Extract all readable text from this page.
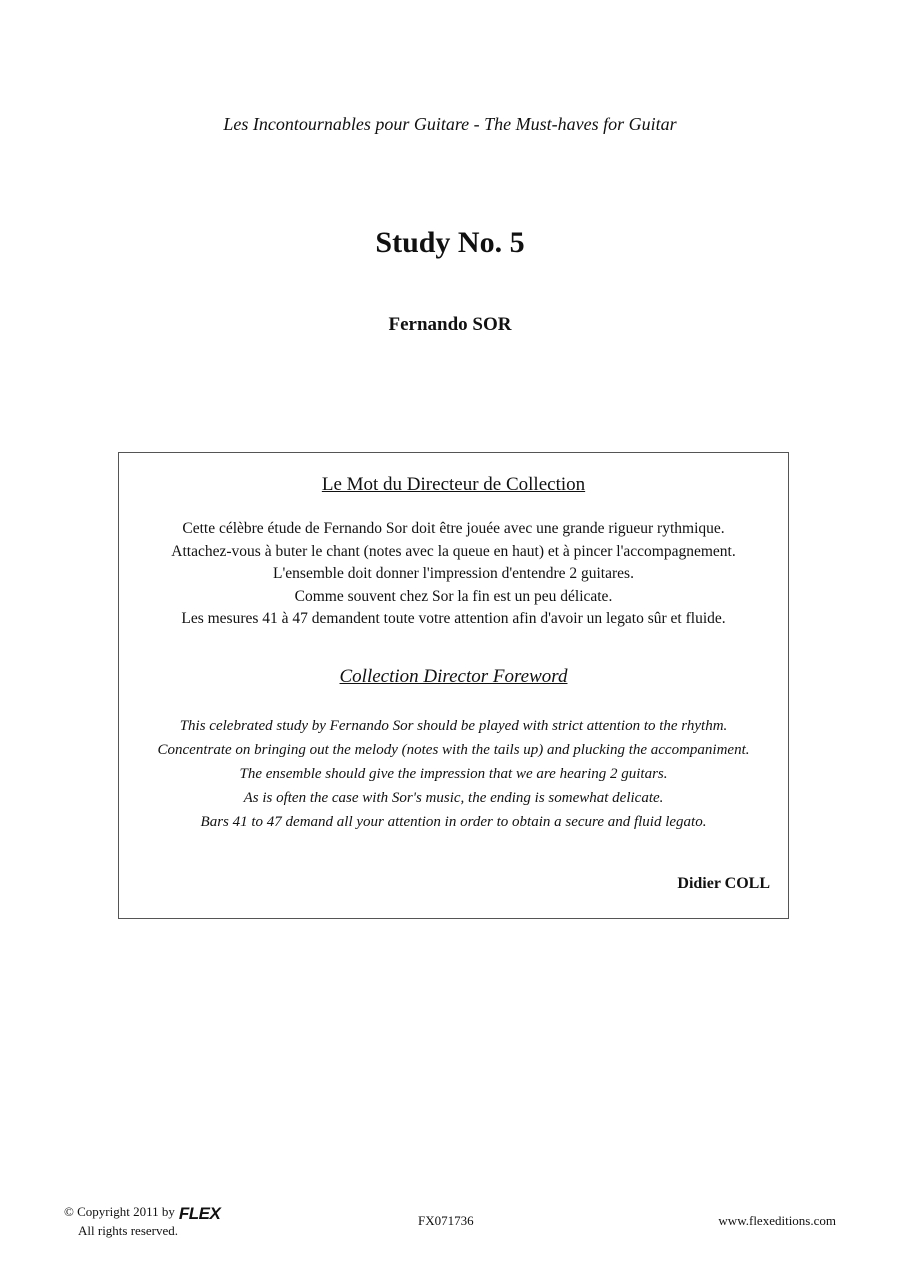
Les Incontournables pour Guitare - The Must-haves for Guitar
Study No. 5
Fernando SOR
Le Mot du Directeur de Collection
Cette célèbre étude de Fernando Sor doit être jouée avec une grande rigueur rythmique.
Attachez-vous à buter le chant (notes avec la queue en haut) et à pincer l'accompagnement.
L'ensemble doit donner l'impression d'entendre 2 guitares.
Comme souvent chez Sor la fin est un peu délicate.
Les mesures 41 à 47 demandent toute votre attention afin d'avoir un legato sûr et fluide.
Collection Director Foreword
This celebrated study by Fernando Sor should be played with strict attention to the rhythm.
Concentrate on bringing out the melody (notes with the tails up) and plucking the accompaniment.
The ensemble should give the impression that we are hearing 2 guitars.
As is often the case with Sor's music, the ending is somewhat delicate.
Bars 41 to 47 demand all your attention in order to obtain a secure and fluid legato.
Didier COLL
© Copyright 2011 by FLEX
All rights reserved.
FX071736	www.flexeditions.com
